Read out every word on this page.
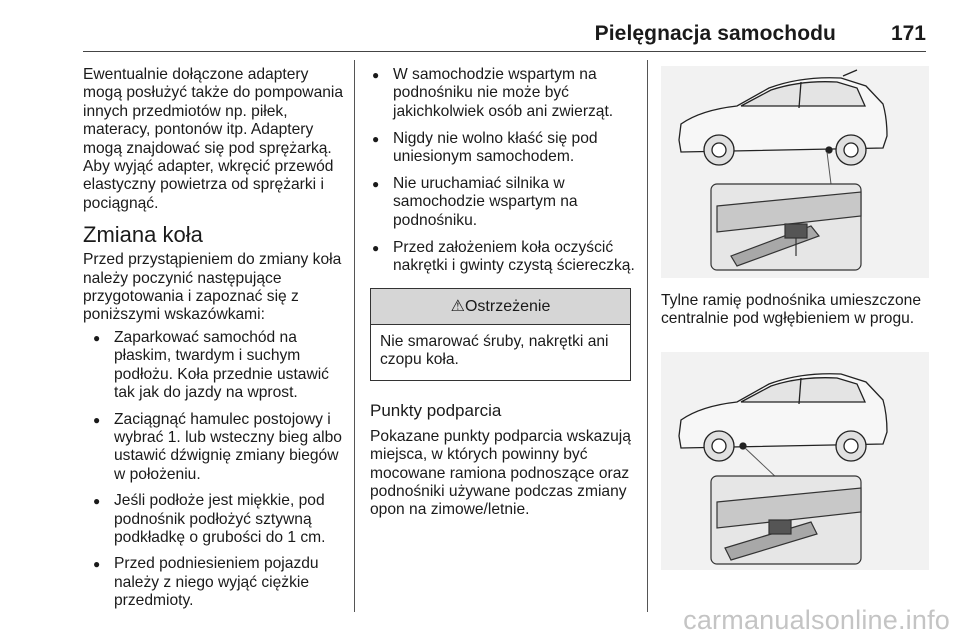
Pielęgnacja samochodu	171

Ewentualnie dołączone adaptery mogą posłużyć także do pompowania innych przedmiotów np. piłek, materacy, pontonów itp. Adaptery mogą znajdować się pod sprężarką. Aby wyjąć adapter, wkręcić przewód elastyczny powietrza od sprężarki i pociągnąć.

Zmiana koła

Przed przystąpieniem do zmiany koła należy poczynić następujące przygotowania i zapoznać się z poniższymi wskazówkami:

● Zaparkować samochód na płaskim, twardym i suchym podłożu. Koła przednie ustawić tak jak do jazdy na wprost.
● Zaciągnąć hamulec postojowy i wybrać 1. lub wsteczny bieg albo ustawić dźwignię zmiany biegów w położeniu.
● Jeśli podłoże jest miękkie, pod podnośnik podłożyć sztywną podkładkę o grubości do 1 cm.
● Przed podniesieniem pojazdu należy z niego wyjąć ciężkie przedmioty.
● W samochodzie wspartym na podnośniku nie może być jakichkolwiek osób ani zwierząt.
● Nigdy nie wolno kłaść się pod uniesionym samochodem.
● Nie uruchamiać silnika w samochodzie wspartym na podnośniku.
● Przed założeniem koła oczyścić nakrętki i gwinty czystą ściereczką.
⚠Ostrzeżenie
Nie smarować śruby, nakrętki ani czopu koła.
Punkty podparcia

Pokazane punkty podparcia wskazują miejsca, w których powinny być mocowane ramiona podnoszące oraz podnośniki używane podczas zmiany opon na zimowe/letnie.

Tylne ramię podnośnika umieszczone centralnie pod wgłębieniem w progu.
carmanualsonline.info
